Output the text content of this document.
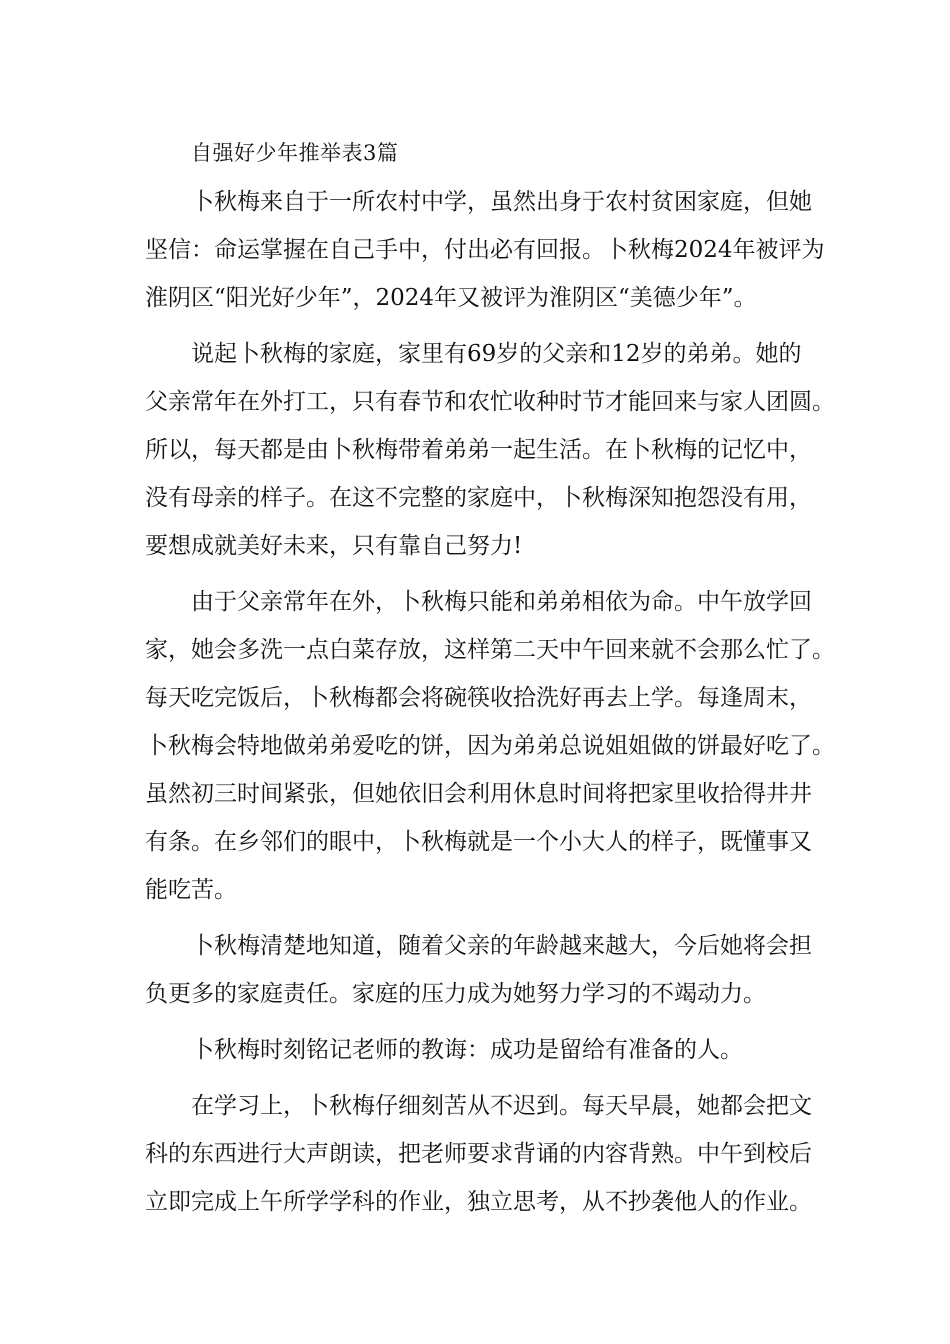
自强好少年推举表3篇
卜秋梅来自于一所农村中学，虽然出身于农村贫困家庭，但她
坚信：命运掌握在自己手中，付出必有回报。卜秋梅2024年被评为
淮阴区“阳光好少年”，2024年又被评为淮阴区“美德少年”。
说起卜秋梅的家庭，家里有69岁的父亲和12岁的弟弟。她的
父亲常年在外打工，只有春节和农忙收种时节才能回来与家人团圆。
所以，每天都是由卜秋梅带着弟弟一起生活。在卜秋梅的记忆中，
没有母亲的样子。在这不完整的家庭中，卜秋梅深知抱怨没有用，
要想成就美好未来，只有靠自己努力!
由于父亲常年在外，卜秋梅只能和弟弟相依为命。中午放学回
家，她会多洗一点白菜存放，这样第二天中午回来就不会那么忙了。
每天吃完饭后，卜秋梅都会将碗筷收拾洗好再去上学。每逢周末，
卜秋梅会特地做弟弟爱吃的饼，因为弟弟总说姐姐做的饼最好吃了。
虽然初三时间紧张，但她依旧会利用休息时间将把家里收拾得井井
有条。在乡邻们的眼中，卜秋梅就是一个小大人的样子，既懂事又
能吃苦。
卜秋梅清楚地知道，随着父亲的年龄越来越大，今后她将会担
负更多的家庭责任。家庭的压力成为她努力学习的不竭动力。
卜秋梅时刻铭记老师的教诲：成功是留给有准备的人。
在学习上，卜秋梅仔细刻苦从不迟到。每天早晨，她都会把文
科的东西进行大声朗读，把老师要求背诵的内容背熟。中午到校后
立即完成上午所学学科的作业，独立思考，从不抄袭他人的作业。
